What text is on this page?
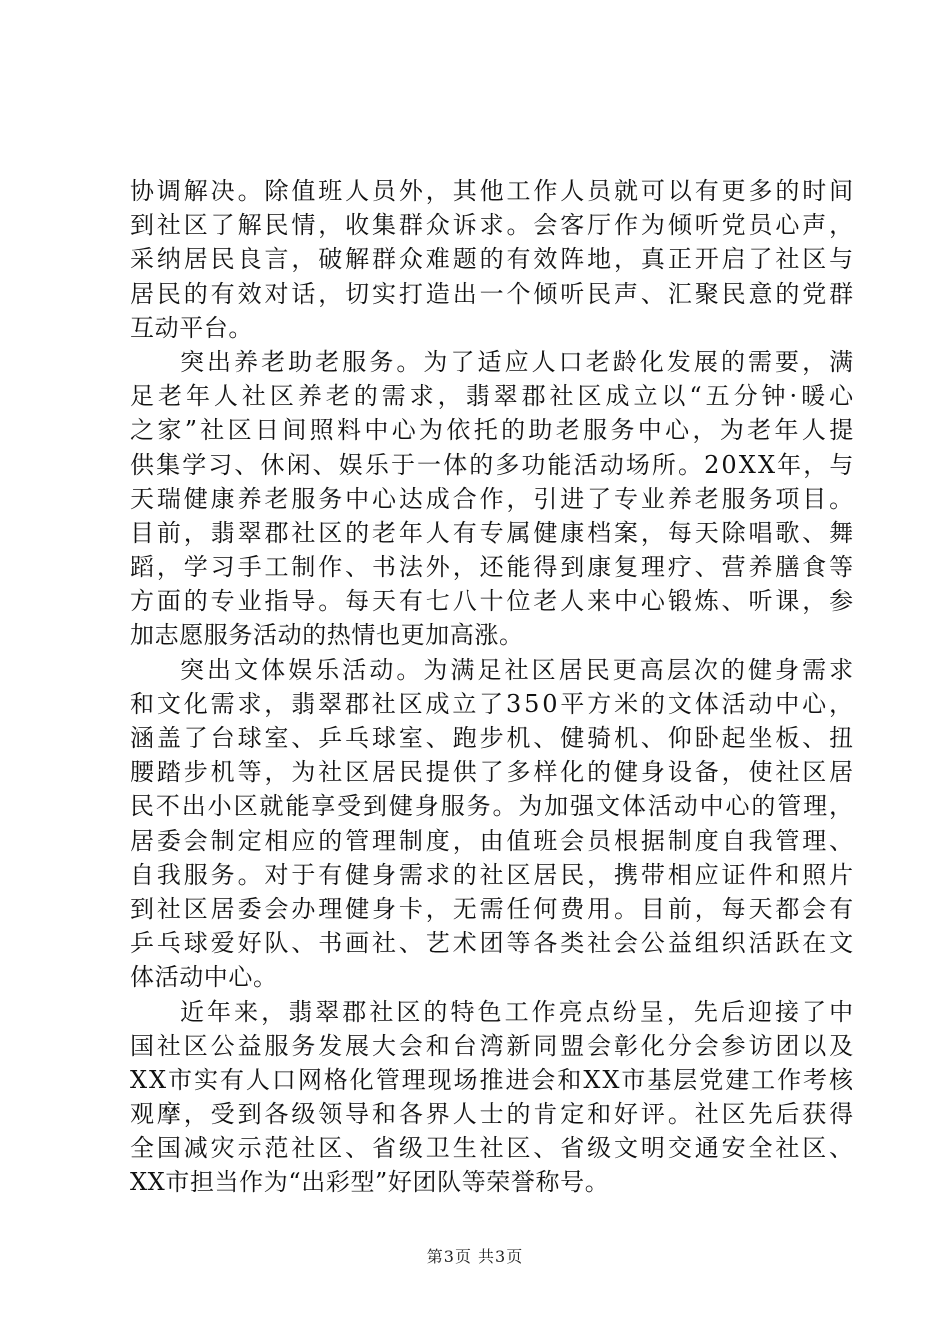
协 调 解 决 。 除 值 班 人 员 外 ， 其 他 工 作 人 员 就 可 以 有 更 多 的 时 间
到 社 区 了 解 民 情 ， 收 集 群 众 诉 求 。 会 客 厅 作 为 倾 听 党 员 心 声 ，
采 纳 居 民 良 言 ， 破 解 群 众 难 题 的 有 效 阵 地 ， 真 正 开 启 了 社 区 与
居 民 的 有 效 对 话 ， 切 实 打 造 出 一 个 倾 听 民 声 、 汇 聚 民 意 的 党 群
互动平台。
突 出 养 老 助 老 服 务 。 为 了 适 应 人 口 老 龄 化 发 展 的 需 要 ， 满
足 老 年 人 社 区 养 老 的 需 求 ， 翡 翠 郡 社 区 成 立 以 “ 五 分 钟 · 暖 心
之 家 ” 社 区 日 间 照 料 中 心 为 依 托 的 助 老 服 务 中 心 ， 为 老 年 人 提
供 集 学 习 、 休 闲 、 娱 乐 于 一 体 的 多 功 能 活 动 场 所 。 2 0 X X 年 ， 与
天 瑞 健 康 养 老 服 务 中 心 达 成 合 作 ， 引 进 了 专 业 养 老 服 务 项 目 。
目 前 ， 翡 翠 郡 社 区 的 老 年 人 有 专 属 健 康 档 案 ， 每 天 除 唱 歌 、 舞
蹈 ， 学 习 手 工 制 作 、 书 法 外 ， 还 能 得 到 康 复 理 疗 、 营 养 膳 食 等
方 面 的 专 业 指 导 。 每 天 有 七 八 十 位 老 人 来 中 心 锻 炼 、 听 课 ， 参
加志愿服务活动的热情也更加高涨。
突 出 文 体 娱 乐 活 动 。 为 满 足 社 区 居 民 更 高 层 次 的 健 身 需 求
和 文 化 需 求 ， 翡 翠 郡 社 区 成 立 了 3 5 0 平 方 米 的 文 体 活 动 中 心 ，
涵 盖 了 台 球 室 、 乒 乓 球 室 、 跑 步 机 、 健 骑 机 、 仰 卧 起 坐 板 、 扭
腰 踏 步 机 等 ， 为 社 区 居 民 提 供 了 多 样 化 的 健 身 设 备 ， 使 社 区 居
民 不 出 小 区 就 能 享 受 到 健 身 服 务 。 为 加 强 文 体 活 动 中 心 的 管 理 ，
居 委 会 制 定 相 应 的 管 理 制 度 ， 由 值 班 会 员 根 据 制 度 自 我 管 理 、
自 我 服 务 。 对 于 有 健 身 需 求 的 社 区 居 民 ， 携 带 相 应 证 件 和 照 片
到 社 区 居 委 会 办 理 健 身 卡 ， 无 需 任 何 费 用 。 目 前 ， 每 天 都 会 有
乒 乓 球 爱 好 队 、 书 画 社 、 艺 术 团 等 各 类 社 会 公 益 组 织 活 跃 在 文
体活动中心。
近 年 来 ， 翡 翠 郡 社 区 的 特 色 工 作 亮 点 纷 呈 ， 先 后 迎 接 了 中
国 社 区 公 益 服 务 发 展 大 会 和 台 湾 新 同 盟 会 彰 化 分 会 参 访 团 以 及
X X 市 实 有 人 口 网 格 化 管 理 现 场 推 进 会 和 X X 市 基 层 党 建 工 作 考 核
观 摩 ， 受 到 各 级 领 导 和 各 界 人 士 的 肯 定 和 好 评 。 社 区 先 后 获 得
全 国 减 灾 示 范 社 区 、 省 级 卫 生 社 区 、 省 级 文 明 交 通 安 全 社 区 、
XX市担当作为“出彩型”好团队等荣誉称号。
第3页 共3页
